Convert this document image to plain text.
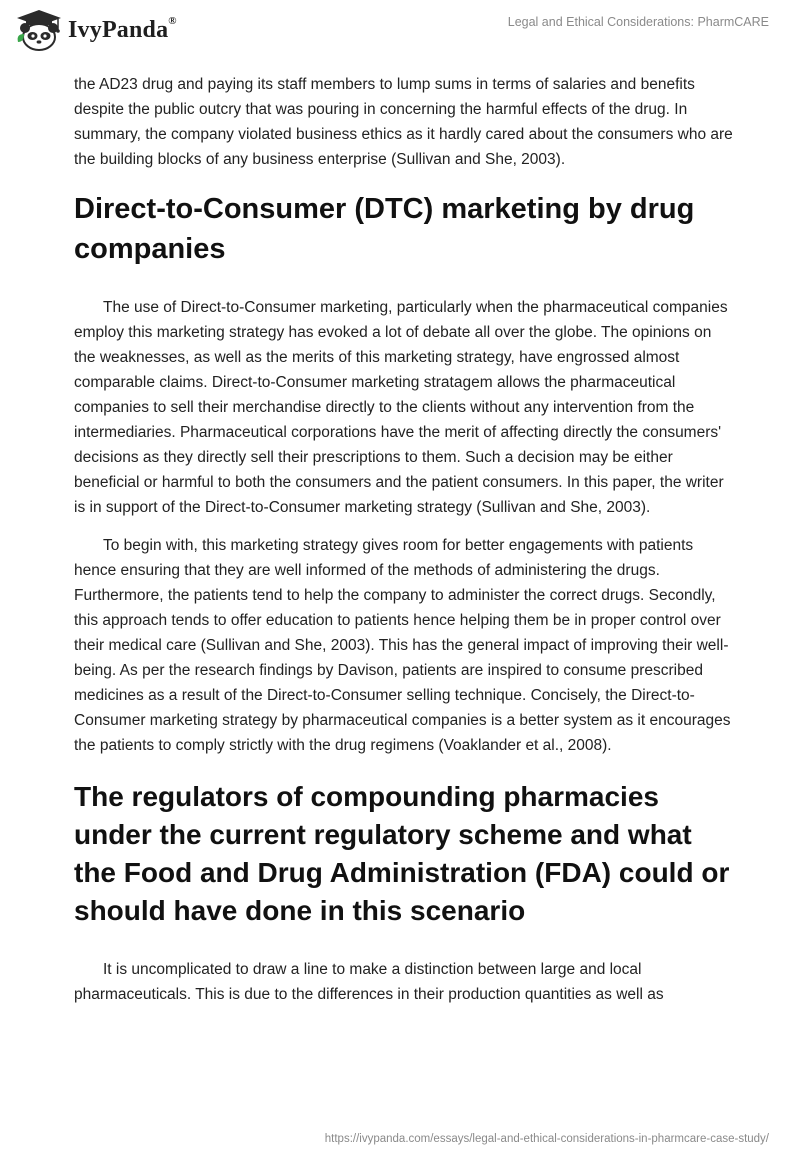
IvyPanda®	Legal and Ethical Considerations: PharmCARE

the AD23 drug and paying its staff members to lump sums in terms of salaries and benefits despite the public outcry that was pouring in concerning the harmful effects of the drug. In summary, the company violated business ethics as it hardly cared about the consumers who are the building blocks of any business enterprise (Sullivan and She, 2003).

Direct-to-Consumer (DTC) marketing by drug companies

The use of Direct-to-Consumer marketing, particularly when the pharmaceutical companies employ this marketing strategy has evoked a lot of debate all over the globe. The opinions on the weaknesses, as well as the merits of this marketing strategy, have engrossed almost comparable claims. Direct-to-Consumer marketing stratagem allows the pharmaceutical companies to sell their merchandise directly to the clients without any intervention from the intermediaries. Pharmaceutical corporations have the merit of affecting directly the consumers' decisions as they directly sell their prescriptions to them. Such a decision may be either beneficial or harmful to both the consumers and the patient consumers. In this paper, the writer is in support of the Direct-to-Consumer marketing strategy (Sullivan and She, 2003).

To begin with, this marketing strategy gives room for better engagements with patients hence ensuring that they are well informed of the methods of administering the drugs. Furthermore, the patients tend to help the company to administer the correct drugs. Secondly, this approach tends to offer education to patients hence helping them be in proper control over their medical care (Sullivan and She, 2003). This has the general impact of improving their well-being. As per the research findings by Davison, patients are inspired to consume prescribed medicines as a result of the Direct-to-Consumer selling technique. Concisely, the Direct-to-Consumer marketing strategy by pharmaceutical companies is a better system as it encourages the patients to comply strictly with the drug regimens (Voaklander et al., 2008).

The regulators of compounding pharmacies under the current regulatory scheme and what the Food and Drug Administration (FDA) could or should have done in this scenario

It is uncomplicated to draw a line to make a distinction between large and local pharmaceuticals. This is due to the differences in their production quantities as well as

https://ivypanda.com/essays/legal-and-ethical-considerations-in-pharmcare-case-study/
